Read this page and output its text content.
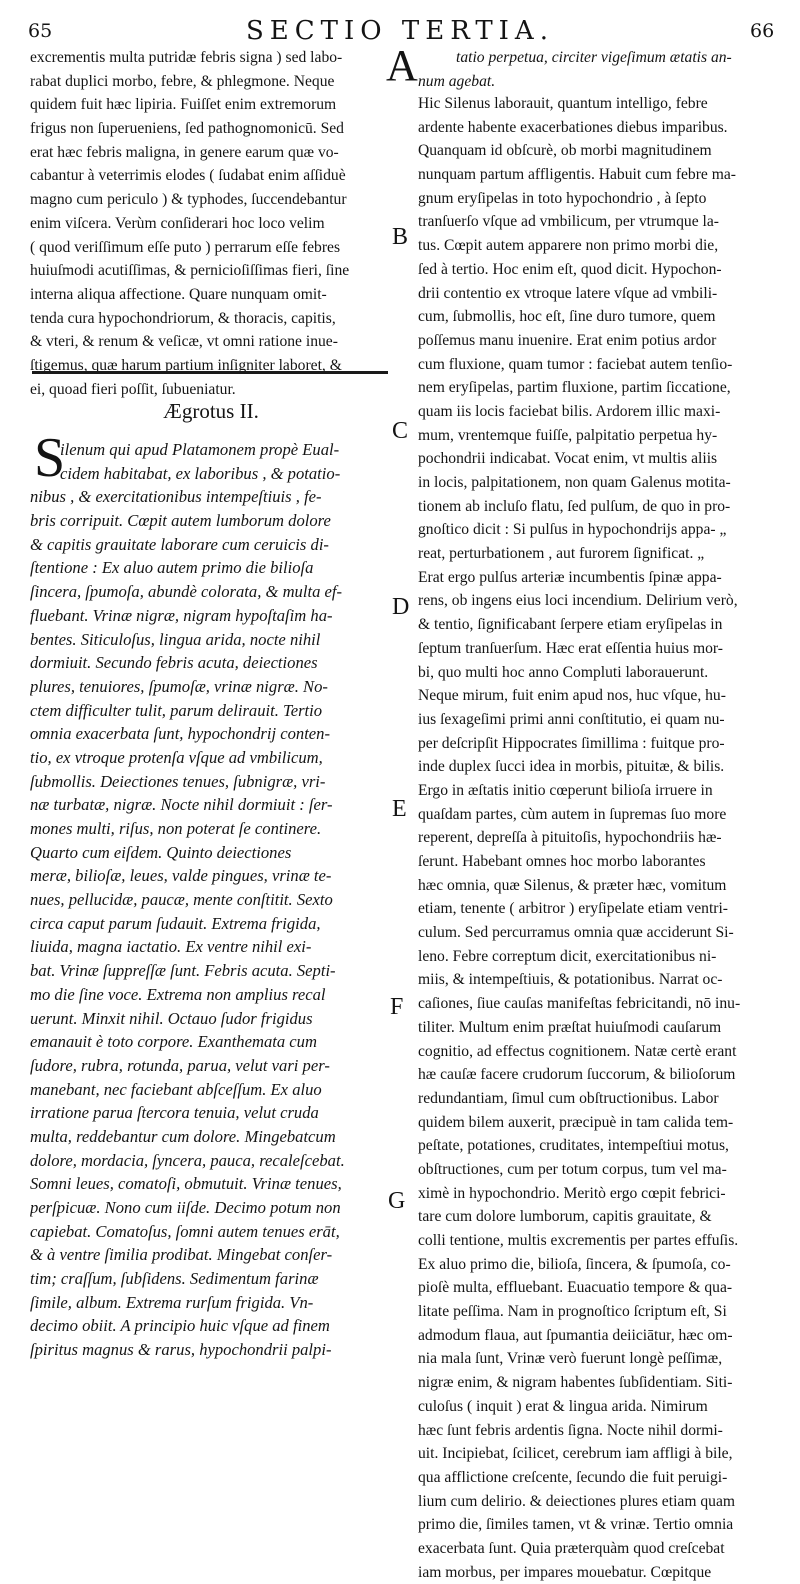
65	SECTIO TERTIA.	66
excrementis multa putridæ febris signa ) sed labo-
rabat duplici morbo, febre, & phlegmone. Neque
quidem fuit hæc lipiria. Fuiſſet enim extremorum
frigus non ſuperueniens, ſed pathognomonicū. Sed
erat hæc febris maligna, in genere earum quæ vo-
cabantur à veterrimis elodes ( ſudabat enim aſſiduè
magno cum periculo ) & typhodes, ſuccendebantur
enim viſcera. Verùm conſiderari hoc loco velim
( quod veriſſimum eſſe puto ) perrarum eſſe febres
huiuſmodi acutiſſimas, & pernicioſiſſimas fieri, ſine
interna aliqua affectione. Quare nunquam omit-
tenda cura hypochondriorum, & thoracis, capitis,
& vteri, & renum & veſicæ, vt omni ratione inue-
ſtigemus, quæ harum partium inſigniter laboret, &
ei, quoad fieri poſſit, ſubueniatur.
Ægrotus II.
S
ilenum qui apud Platamonem propè Eual-
cidem habitabat, ex laboribus , & potatio-
nibus , & exercitationibus intempeſtiuis , fe-
bris corripuit. Cœpit autem lumborum dolore
& capitis grauitate laborare cum ceruicis di-
ſtentione : Ex aluo autem primo die bilioſa
ſincera, ſpumoſa, abundè colorata, & multa ef-
fluebant. Vrinæ nigræ, nigram hypoſtaſim ha-
bentes. Siticuloſus, lingua arida, nocte nihil
dormiuit. Secundo febris acuta, deiectiones
plures, tenuiores, ſpumoſæ, vrinæ nigræ. No-
ctem difficulter tulit, parum delirauit. Tertio
omnia exacerbata ſunt, hypochondrij conten-
tio, ex vtroque protenſa vſque ad vmbilicum,
ſubmollis. Deiectiones tenues, ſubnigræ, vri-
næ turbatæ, nigræ. Nocte nihil dormiuit : ſer-
mones multi, riſus, non poterat ſe continere.
Quarto cum eiſdem. Quinto deiectiones
meræ, bilioſæ, leues, valde pingues, vrinæ te-
nues, pellucidæ, paucæ, mente conſtitit. Sexto
circa caput parum ſudauit. Extrema frigida,
liuida, magna iactatio. Ex ventre nihil exi-
bat. Vrinæ ſuppreſſæ ſunt. Febris acuta. Septi-
mo die ſine voce. Extrema non amplius recal
uerunt. Minxit nihil. Octauo ſudor frigidus
emanauit è toto corpore. Exanthemata cum
ſudore, rubra, rotunda, parua, velut vari per-
manebant, nec faciebant abſceſſum. Ex aluo
irratione parua ſtercora tenuia, velut cruda
multa, reddebantur cum dolore. Mingebatcum
dolore, mordacia, ſyncera, pauca, recaleſcebat.
Somni leues, comatoſi, obmutuit. Vrinæ tenues,
perſpicuæ. Nono cum iiſde. Decimo potum non
capiebat. Comatoſus, ſomni autem tenues erāt,
& à ventre ſimilia prodibat. Mingebat conſer-
tim; craſſum, ſubſidens. Sedimentum farinæ
ſimile, album. Extrema rurſum frigida. Vn-
decimo obiit. A principio huic vſque ad finem
ſpiritus magnus & rarus, hypochondrii palpi-
A	tatio perpetua, circiter vigeſimum ætatis an-
num agebat.
Hic Silenus laborauit, quantum intelligo, febre
ardente habente exacerbationes diebus imparibus.
Quanquam id obſcurè, ob morbi magnitudinem
nunquam partum affligentis. Habuit cum febre ma-
gnum eryſipelas in toto hypochondrio , à ſepto
tranſuerſo vſque ad vmbilicum, per vtrumque la-
tus. Cœpit autem apparere non primo morbi die,
ſed à tertio. Hoc enim eſt, quod dicit. Hypochon-
drii contentio ex vtroque latere vſque ad vmbili-
cum, ſubmollis, hoc eſt, ſine duro tumore, quem
poſſemus manu inuenire. Erat enim potius ardor
cum fluxione, quam tumor : faciebat autem tenſio-
nem eryſipelas, partim fluxione, partim ſiccatione,
quam iis locis faciebat bilis. Ardorem illic maxi-
mum, vrentemque fuiſſe, palpitatio perpetua hy-
pochondrii indicabat. Vocat enim, vt multis aliis
in locis, palpitationem, non quam Galenus motita-
tionem ab incluſo flatu, ſed pulſum, de quo in pro-
gnoſtico dicit : Si pulſus in hypochondrijs appa- „
reat, perturbationem , aut furorem ſignificat. „
Erat ergo pulſus arteriæ incumbentis ſpinæ appa-
rens, ob ingens eius loci incendium. Delirium verò,
& tentio, ſignificabant ſerpere etiam eryſipelas in
ſeptum tranſuerſum. Hæc erat eſſentia huius mor-
bi, quo multi hoc anno Compluti laborauerunt.
Neque mirum, fuit enim apud nos, huc vſque, hu-
ius ſexageſimi primi anni conſtitutio, ei quam nu-
per deſcripſit Hippocrates ſimillima : fuitque pro-
inde duplex ſucci idea in morbis, pituitæ, & bilis.
Ergo in æſtatis initio cœperunt bilioſa irruere in
quaſdam partes, cùm autem in ſupremas ſuo more
reperent, depreſſa à pituitoſis, hypochondriis hæ-
ſerunt. Habebant omnes hoc morbo laborantes
hæc omnia, quæ Silenus, & præter hæc, vomitum
etiam, tenente ( arbitror ) eryſipelate etiam ventri-
culum. Sed percurramus omnia quæ acciderunt Si-
leno. Febre correptum dicit, exercitationibus ni-
miis, & intempeſtiuis, & potationibus. Narrat oc-
caſiones, ſiue cauſas manifeſtas febricitandi, nō inu-
tiliter. Multum enim præſtat huiuſmodi cauſarum
cognitio, ad effectus cognitionem. Natæ certè erant
hæ cauſæ facere crudorum ſuccorum, & bilioſorum
redundantiam, ſimul cum obſtructionibus. Labor
quidem bilem auxerit, præcipuè in tam calida tem-
peſtate, potationes, cruditates, intempeſtiui motus,
obſtructiones, cum per totum corpus, tum vel ma-
ximè in hypochondrio. Meritò ergo cœpit febrici-
tare cum dolore lumborum, capitis grauitate, &
colli tentione, multis excrementis per partes effuſis.
Ex aluo primo die, bilioſa, ſincera, & ſpumoſa, co-
pioſè multa, effluebant. Euacuatio tempore & qua-
litate peſſima. Nam in prognoſtico ſcriptum eſt, Si
admodum flaua, aut ſpumantia deiiciātur, hæc om-
nia mala ſunt, Vrinæ verò fuerunt longè peſſimæ,
nigræ enim, & nigram habentes ſubſidentiam. Siti-
culoſus ( inquit ) erat & lingua arida. Nimirum
hæc ſunt febris ardentis ſigna. Nocte nihil dormi-
uit. Incipiebat, ſcilicet, cerebrum iam affligi à bile,
qua afflictione creſcente, ſecundo die fuit peruigi-
lium cum delirio. & deiectiones plures etiam quam
primo die, ſimiles tamen, vt & vrinæ. Tertio omnia
exacerbata ſunt. Quia præterquàm quod creſcebat
iam morbus, per impares mouebatur. Cœpitque
B
C
D
E
F
G
